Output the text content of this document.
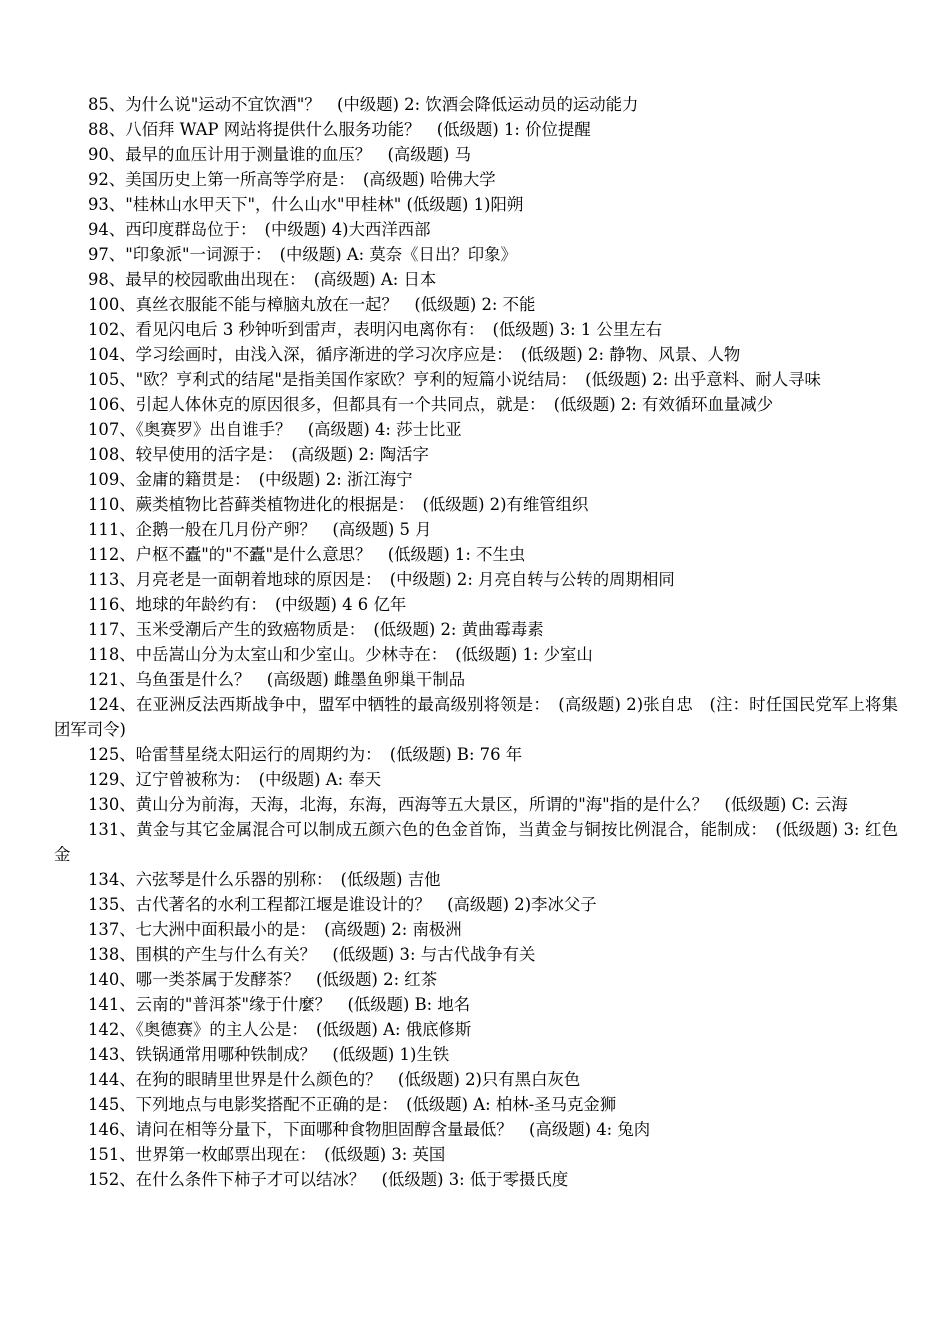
85、为什么说"运动不宜饮酒"？　(中级题) 2: 饮酒会降低运动员的运动能力

88、八佰拜 WAP 网站将提供什么服务功能？　(低级题) 1: 价位提醒

90、最早的血压计用于测量谁的血压？　(高级题) 马

92、美国历史上第一所高等学府是：　(高级题) 哈佛大学

93、"桂林山水甲天下"，什么山水"甲桂林" (低级题) 1)阳朔

94、西印度群岛位于：　(中级题) 4)大西洋西部

97、"印象派"一词源于：　(中级题) A: 莫奈《日出？印象》

98、最早的校园歌曲出现在：　(高级题) A: 日本

100、真丝衣服能不能与樟脑丸放在一起？　(低级题) 2: 不能

102、看见闪电后 3 秒钟听到雷声，表明闪电离你有：　(低级题) 3: 1 公里左右

104、学习绘画时，由浅入深，循序渐进的学习次序应是：　(低级题) 2: 静物、风景、人物

105、"欧？亨利式的结尾"是指美国作家欧？亨利的短篇小说结局：　(低级题) 2: 出乎意料、耐人寻味

106、引起人体休克的原因很多，但都具有一个共同点，就是：　(低级题) 2: 有效循环血量减少

107、《奥赛罗》出自谁手？　(高级题) 4: 莎士比亚

108、较早使用的活字是：　(高级题) 2: 陶活字

109、金庸的籍贯是：　(中级题) 2: 浙江海宁

110、蕨类植物比苔藓类植物进化的根据是：　(低级题) 2)有维管组织

111、企鹅一般在几月份产卵？　(高级题) 5 月

112、户枢不蠹"的"不蠹"是什么意思？　(低级题) 1: 不生虫

113、月亮老是一面朝着地球的原因是：　(中级题) 2: 月亮自转与公转的周期相同

116、地球的年龄约有：　(中级题) 4 6 亿年

117、玉米受潮后产生的致癌物质是：　(低级题) 2: 黄曲霉毒素

118、中岳嵩山分为太室山和少室山。少林寺在：　(低级题) 1: 少室山

121、乌鱼蛋是什么？　(高级题) 雌墨鱼卵巢干制品

124、在亚洲反法西斯战争中，盟军中牺牲的最高级别将领是：　(高级题) 2)张自忠　(注：时任国民党军上将集团军司令)

125、哈雷彗星绕太阳运行的周期约为：　(低级题) B: 76 年

129、辽宁曾被称为：　(中级题) A: 奉天

130、黄山分为前海，天海，北海，东海，西海等五大景区，所谓的"海"指的是什么？　(低级题) C: 云海

131、黄金与其它金属混合可以制成五颜六色的色金首饰，当黄金与铜按比例混合，能制成：　(低级题) 3: 红色金

134、六弦琴是什么乐器的别称：　(低级题) 吉他

135、古代著名的水利工程都江堰是谁设计的？　(高级题) 2)李冰父子

137、七大洲中面积最小的是：　(高级题) 2: 南极洲

138、围棋的产生与什么有关？　(低级题) 3: 与古代战争有关

140、哪一类茶属于发酵茶？　(低级题) 2: 红茶

141、云南的"普洱茶"缘于什麼？　(低级题) B: 地名

142、《奥德赛》的主人公是：　(低级题) A: 俄底修斯

143、铁锅通常用哪种铁制成？　(低级题) 1)生铁

144、在狗的眼睛里世界是什么颜色的？　(低级题) 2)只有黑白灰色

145、下列地点与电影奖搭配不正确的是：　(低级题) A: 柏林-圣马克金狮

146、请问在相等分量下，下面哪种食物胆固醇含量最低？　(高级题) 4: 兔肉

151、世界第一枚邮票出现在：　(低级题) 3: 英国

152、在什么条件下柿子才可以结冰？　(低级题) 3: 低于零摄氏度
